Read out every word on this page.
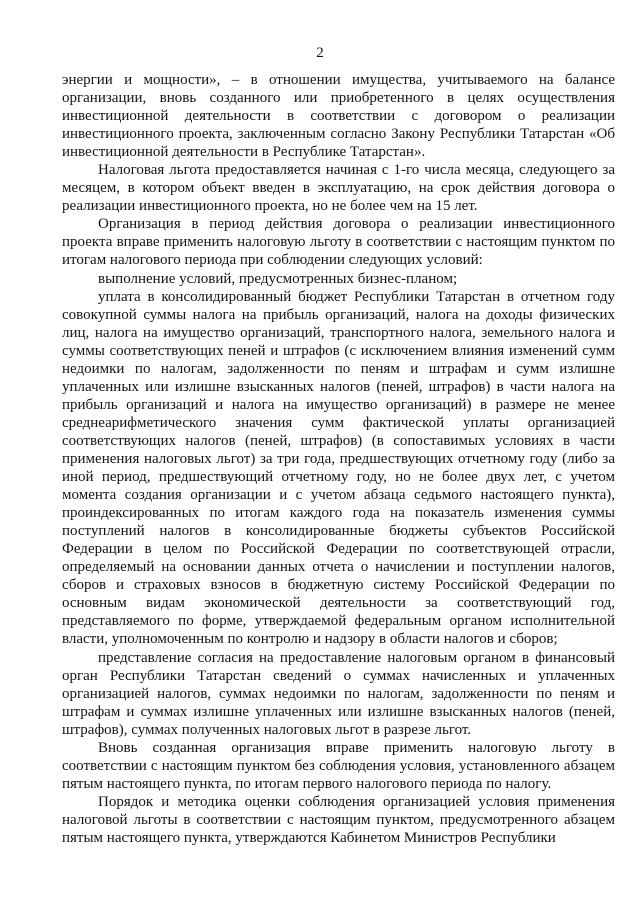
2

энергии и мощности», – в отношении имущества, учитываемого на балансе организации, вновь созданного или приобретенного в целях осуществления инвестиционной деятельности в соответствии с договором о реализации инвестиционного проекта, заключенным согласно Закону Республики Татарстан «Об инвестиционной деятельности в Республике Татарстан».

Налоговая льгота предоставляется начиная с 1-го числа месяца, следующего за месяцем, в котором объект введен в эксплуатацию, на срок действия договора о реализации инвестиционного проекта, но не более чем на 15 лет.

Организация в период действия договора о реализации инвестиционного проекта вправе применить налоговую льготу в соответствии с настоящим пунктом по итогам налогового периода при соблюдении следующих условий:

выполнение условий, предусмотренных бизнес-планом;

уплата в консолидированный бюджет Республики Татарстан в отчетном году совокупной суммы налога на прибыль организаций, налога на доходы физических лиц, налога на имущество организаций, транспортного налога, земельного налога и суммы соответствующих пеней и штрафов (с исключением влияния изменений сумм недоимки по налогам, задолженности по пеням и штрафам и сумм излишне уплаченных или излишне взысканных налогов (пеней, штрафов) в части налога на прибыль организаций и налога на имущество организаций) в размере не менее среднеарифметического значения сумм фактической уплаты организацией соответствующих налогов (пеней, штрафов) (в сопоставимых условиях в части применения налоговых льгот) за три года, предшествующих отчетному году (либо за иной период, предшествующий отчетному году, но не более двух лет, с учетом момента создания организации и с учетом абзаца седьмого настоящего пункта), проиндексированных по итогам каждого года на показатель изменения суммы поступлений налогов в консолидированные бюджеты субъектов Российской Федерации в целом по Российской Федерации по соответствующей отрасли, определяемый на основании данных отчета о начислении и поступлении налогов, сборов и страховых взносов в бюджетную систему Российской Федерации по основным видам экономической деятельности за соответствующий год, представляемого по форме, утверждаемой федеральным органом исполнительной власти, уполномоченным по контролю и надзору в области налогов и сборов;

представление согласия на предоставление налоговым органом в финансовый орган Республики Татарстан сведений о суммах начисленных и уплаченных организацией налогов, суммах недоимки по налогам, задолженности по пеням и штрафам и суммах излишне уплаченных или излишне взысканных налогов (пеней, штрафов), суммах полученных налоговых льгот в разрезе льгот.

Вновь созданная организация вправе применить налоговую льготу в соответствии с настоящим пунктом без соблюдения условия, установленного абзацем пятым настоящего пункта, по итогам первого налогового периода по налогу.

Порядок и методика оценки соблюдения организацией условия применения налоговой льготы в соответствии с настоящим пунктом, предусмотренного абзацем пятым настоящего пункта, утверждаются Кабинетом Министров Республики
